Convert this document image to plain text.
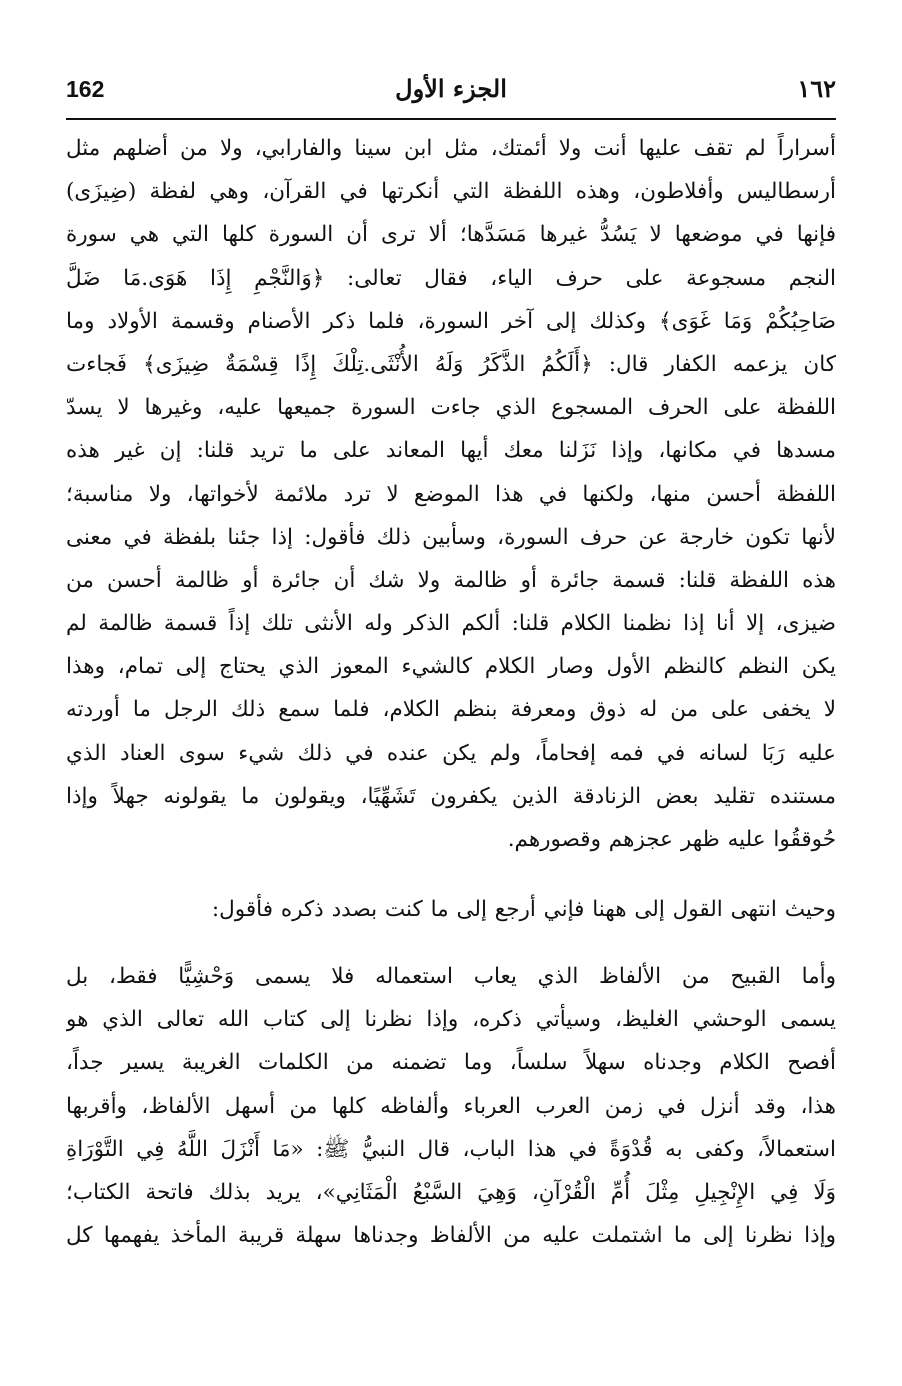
162	الجزء الأول	١٦٢
أسراراً لم تقف عليها أنت ولا أئمتك، مثل ابن سينا والفارابي، ولا من أضلهم مثل
أرسطاليس وأفلاطون، وهذه اللفظة التي أنكرتها في القرآن، وهي لفظة (ضِيزَى)
فإنها في موضعها لا يَسُدُّ غيرها مَسَدَّها؛ ألا ترى أن السورة كلها التي هي سورة
النجم مسجوعة على حرف الياء، فقال تعالى: ﴿وَالنَّجْمِ إِذَا هَوَى.مَا ضَلَّ
صَاحِبُكُمْ وَمَا غَوَى﴾ وكذلك إلى آخر السورة، فلما ذكر الأصنام وقسمة الأولاد وما
كان يزعمه الكفار قال: ﴿أَلَكُمُ الذَّكَرُ وَلَهُ الأُنْثَى.تِلْكَ إِذًا قِسْمَةٌ ضِيزَى﴾ فَجاءت
اللفظة على الحرف المسجوع الذي جاءت السورة جميعها عليه، وغيرها لا يسدّ
مسدها في مكانها، وإذا نَزَلنا معك أيها المعاند على ما تريد قلنا: إن غير هذه
اللفظة أحسن منها، ولكنها في هذا الموضع لا ترد ملائمة لأخواتها، ولا مناسبة؛
لأنها تكون خارجة عن حرف السورة، وسأبين ذلك فأقول: إذا جئنا بلفظة في معنى
هذه اللفظة قلنا: قسمة جائرة أو ظالمة ولا شك أن جائرة أو ظالمة أحسن من
ضيزى، إلا أنا إذا نظمنا الكلام قلنا: ألكم الذكر وله الأنثى تلك إذاً قسمة ظالمة لم
يكن النظم كالنظم الأول وصار الكلام كالشيء المعوز الذي يحتاج إلى تمام، وهذا
لا يخفى على من له ذوق ومعرفة بنظم الكلام، فلما سمع ذلك الرجل ما أوردته
عليه رَبَا لسانه في فمه إفحاماً، ولم يكن عنده في ذلك شيء سوى العناد الذي
مستنده تقليد بعض الزنادقة الذين يكفرون تَشَهِّيًا، ويقولون ما يقولونه جهلاً وإذا
حُوققُوا عليه ظهر عجزهم وقصورهم.
وحيث انتهى القول إلى ههنا فإني أرجع إلى ما كنت بصدد ذكره فأقول:
وأما القبيح من الألفاظ الذي يعاب استعماله فلا يسمى وَحْشِيًّا فقط، بل
يسمى الوحشي الغليظ، وسيأتي ذكره، وإذا نظرنا إلى كتاب الله تعالى الذي هو
أفصح الكلام وجدناه سهلاً سلساً، وما تضمنه من الكلمات الغريبة يسير جداً،
هذا، وقد أنزل في زمن العرب العرباء وألفاظه كلها من أسهل الألفاظ، وأقربها
استعمالاً، وكفى به قُدْوَةً في هذا الباب، قال النبيُّ ﷺ: «مَا أَنْزَلَ اللَّهُ فِي التَّوْرَاةِ
وَلَا فِي الإِنْجِيلِ مِثْلَ أُمِّ الْقُرْآنِ، وَهِيَ السَّبْعُ الْمَثَانِي»، يريد بذلك فاتحة الكتاب؛
وإذا نظرنا إلى ما اشتملت عليه من الألفاظ وجدناها سهلة قريبة المأخذ يفهمها كل
